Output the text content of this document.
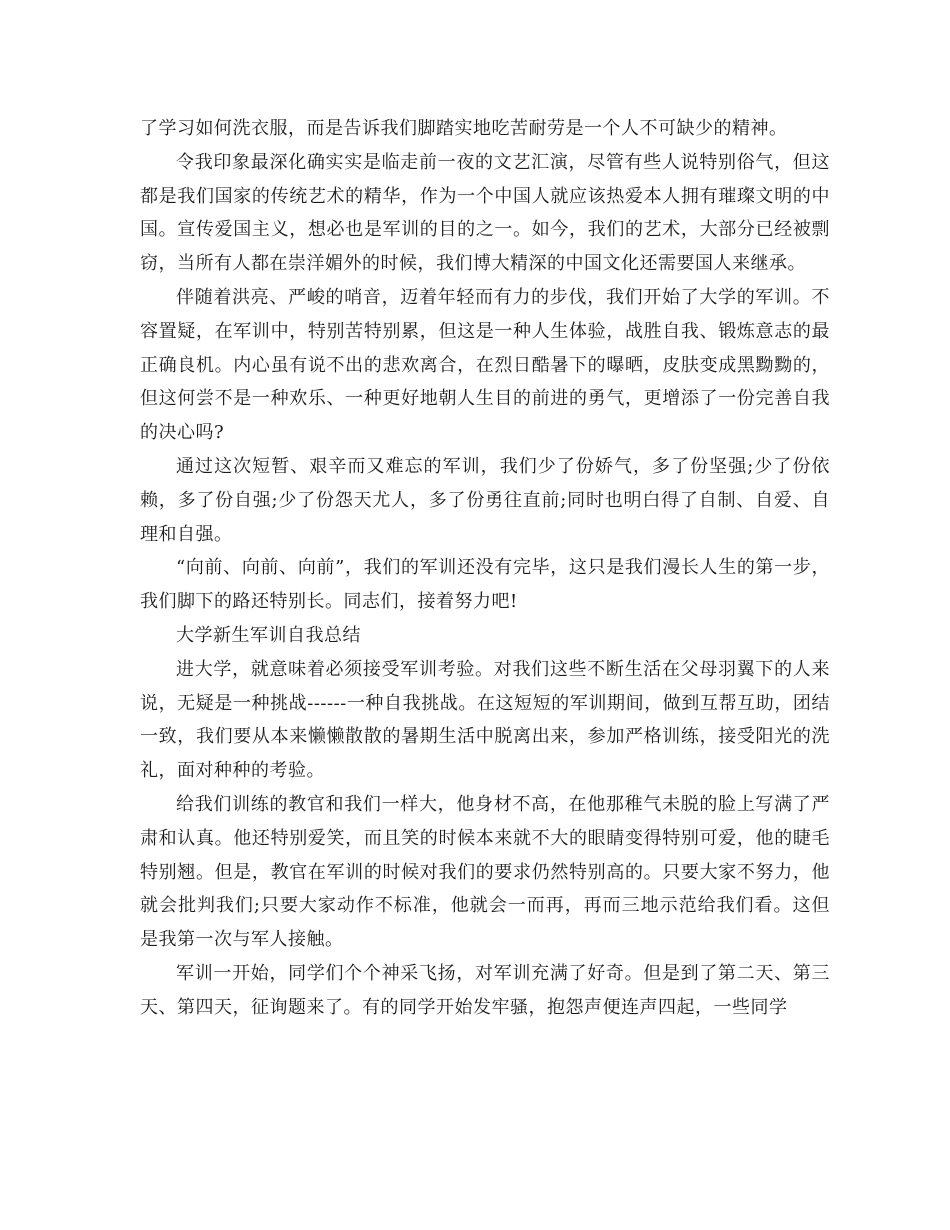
了学习如何洗衣服，而是告诉我们脚踏实地吃苦耐劳是一个人不可缺少的精神。

令我印象最深化确实实是临走前一夜的文艺汇演，尽管有些人说特别俗气，但这都是我们国家的传统艺术的精华，作为一个中国人就应该热爱本人拥有璀璨文明的中国。宣传爱国主义，想必也是军训的目的之一。如今，我们的艺术，大部分已经被剽窃，当所有人都在崇洋媚外的时候，我们博大精深的中国文化还需要国人来继承。

伴随着洪亮、严峻的哨音，迈着年轻而有力的步伐，我们开始了大学的军训。不容置疑，在军训中，特别苦特别累，但这是一种人生体验，战胜自我、锻炼意志的最正确良机。内心虽有说不出的悲欢离合，在烈日酷暑下的曝晒，皮肤变成黑黝黝的，但这何尝不是一种欢乐、一种更好地朝人生目的前进的勇气，更增添了一份完善自我的决心吗?

通过这次短暂、艰辛而又难忘的军训，我们少了份娇气，多了份坚强;少了份依赖，多了份自强;少了份怨天尤人，多了份勇往直前;同时也明白得了自制、自爱、自理和自强。

“向前、向前、向前”，我们的军训还没有完毕，这只是我们漫长人生的第一步，我们脚下的路还特别长。同志们，接着努力吧!

大学新生军训自我总结

进大学，就意味着必须接受军训考验。对我们这些不断生活在父母羽翼下的人来说，无疑是一种挑战------一种自我挑战。在这短短的军训期间，做到互帮互助，团结一致，我们要从本来懒懒散散的暑期生活中脱离出来，参加严格训练，接受阳光的洗礼，面对种种的考验。

给我们训练的教官和我们一样大，他身材不高，在他那稚气未脱的脸上写满了严肃和认真。他还特别爱笑，而且笑的时候本来就不大的眼睛变得特别可爱，他的睫毛特别翘。但是，教官在军训的时候对我们的要求仍然特别高的。只要大家不努力，他就会批判我们;只要大家动作不标准，他就会一而再，再而三地示范给我们看。这但是我第一次与军人接触。

军训一开始，同学们个个神采飞扬，对军训充满了好奇。但是到了第二天、第三天、第四天，征询题来了。有的同学开始发牢骚，抱怨声便连声四起，一些同学
